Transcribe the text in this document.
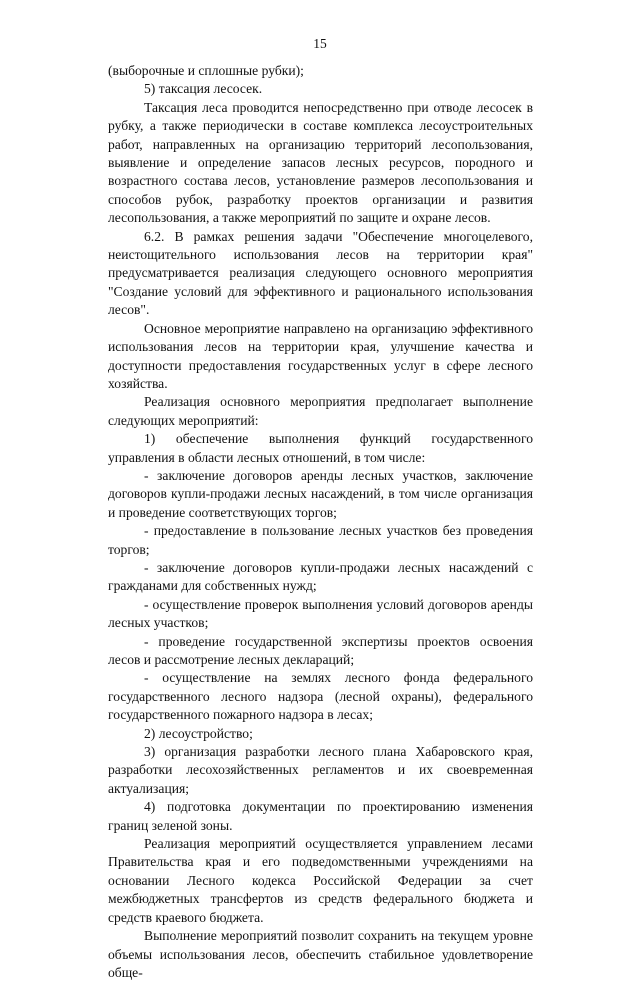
15

(выборочные и сплошные рубки);

5) таксация лесосек.

Таксация леса проводится непосредственно при отводе лесосек в рубку, а также периодически в составе комплекса лесоустроительных работ, направленных на организацию территорий лесопользования, выявление и определение запасов лесных ресурсов, породного и возрастного состава лесов, установление размеров лесопользования и способов рубок, разработку проектов организации и развития лесопользования, а также мероприятий по защите и охране лесов.

6.2. В рамках решения задачи "Обеспечение многоцелевого, неистощительного использования лесов на территории края" предусматривается реализация следующего основного мероприятия "Создание условий для эффективного и рационального использования лесов".

Основное мероприятие направлено на организацию эффективного использования лесов на территории края, улучшение качества и доступности предоставления государственных услуг в сфере лесного хозяйства.

Реализация основного мероприятия предполагает выполнение следующих мероприятий:

1) обеспечение выполнения функций государственного управления в области лесных отношений, в том числе:

- заключение договоров аренды лесных участков, заключение договоров купли-продажи лесных насаждений, в том числе организация и проведение соответствующих торгов;

- предоставление в пользование лесных участков без проведения торгов;

- заключение договоров купли-продажи лесных насаждений с гражданами для собственных нужд;

- осуществление проверок выполнения условий договоров аренды лесных участков;

- проведение государственной экспертизы проектов освоения лесов и рассмотрение лесных деклараций;

- осуществление на землях лесного фонда федерального государственного лесного надзора (лесной охраны), федерального государственного пожарного надзора в лесах;

2) лесоустройство;

3) организация разработки лесного плана Хабаровского края, разработки лесохозяйственных регламентов и их своевременная актуализация;

4) подготовка документации по проектированию изменения границ зеленой зоны.

Реализация мероприятий осуществляется управлением лесами Правительства края и его подведомственными учреждениями на основании Лесного кодекса Российской Федерации за счет межбюджетных трансфертов из средств федерального бюджета и средств краевого бюджета.

Выполнение мероприятий позволит сохранить на текущем уровне объемы использования лесов, обеспечить стабильное удовлетворение обще-
